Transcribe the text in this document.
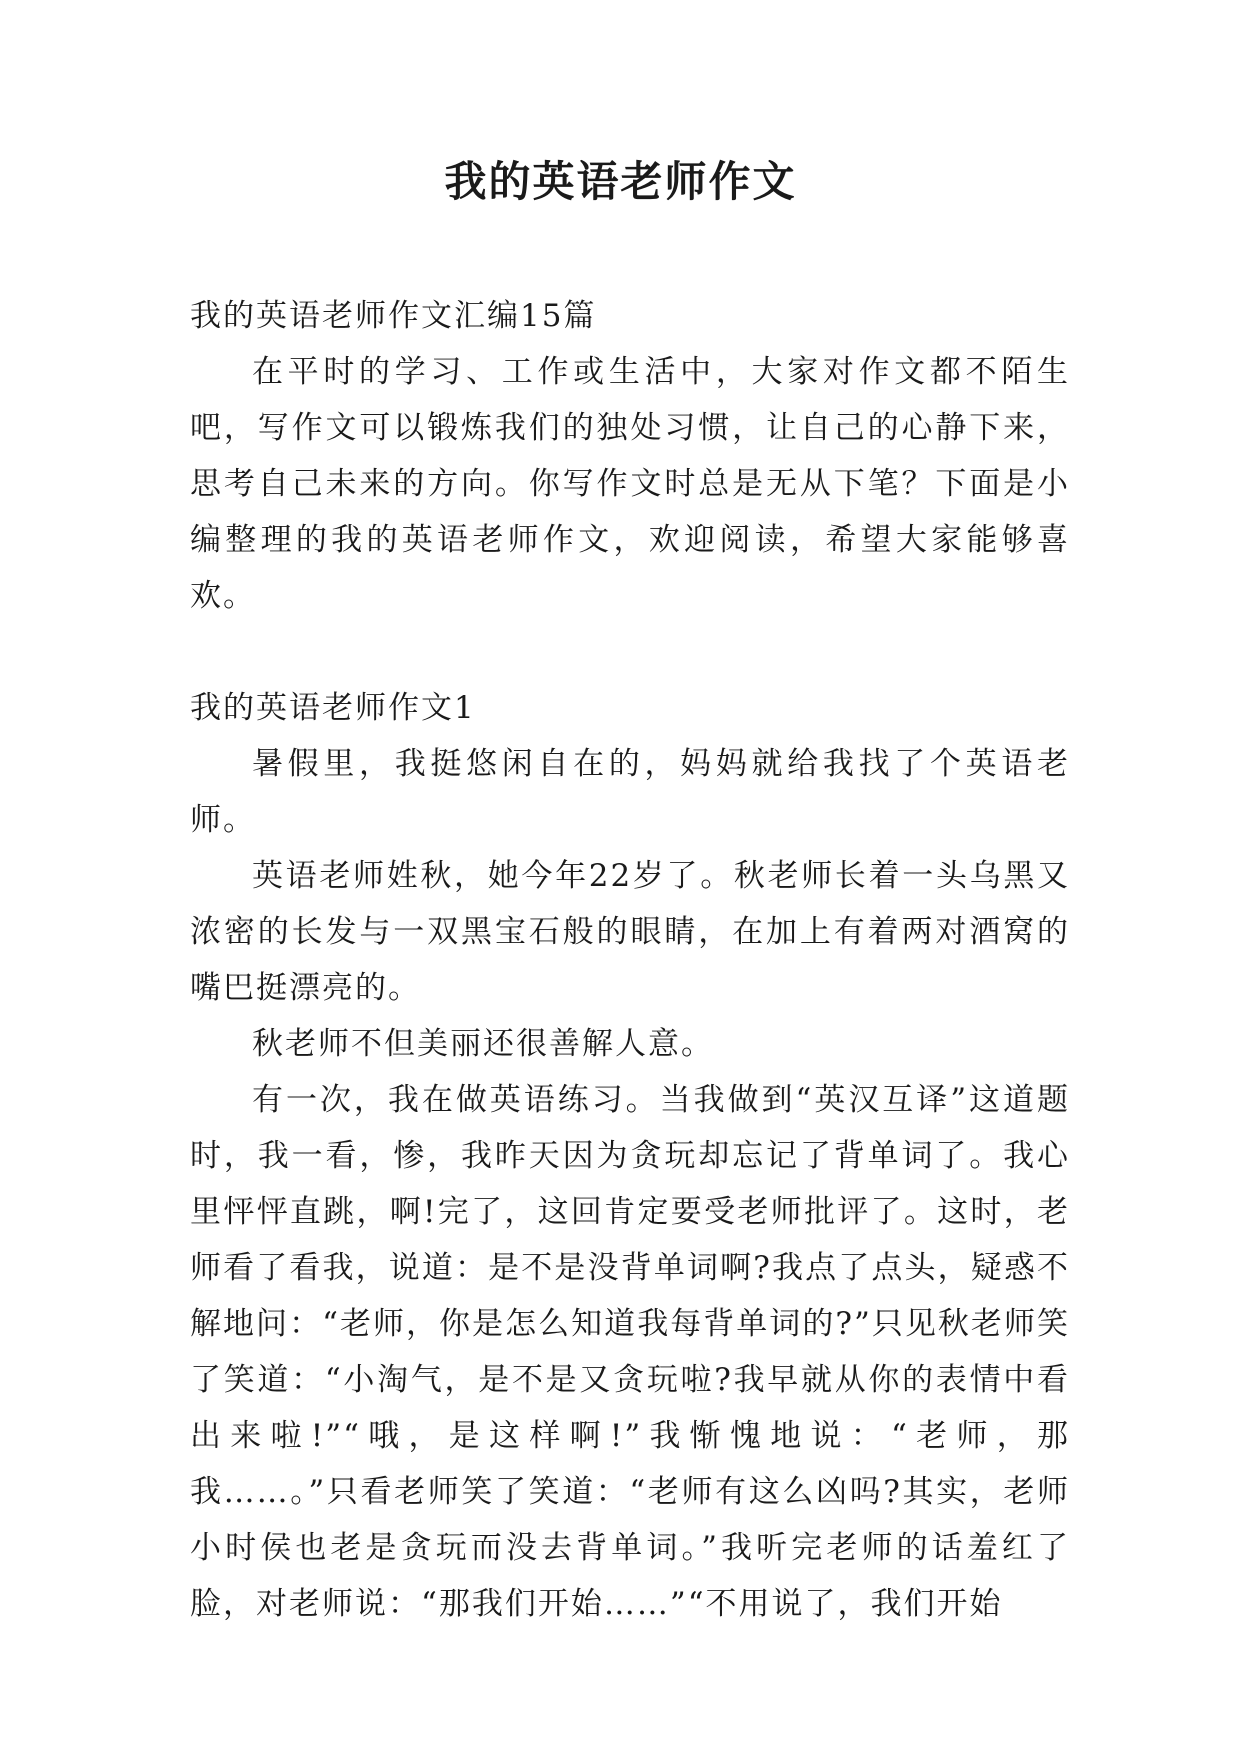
我的英语老师作文

我的英语老师作文汇编15篇

在平时的学习、工作或生活中，大家对作文都不陌生吧，写作文可以锻炼我们的独处习惯，让自己的心静下来，思考自己未来的方向。你写作文时总是无从下笔？下面是小编整理的我的英语老师作文，欢迎阅读，希望大家能够喜欢。

我的英语老师作文1

暑假里，我挺悠闲自在的，妈妈就给我找了个英语老师。

英语老师姓秋，她今年22岁了。秋老师长着一头乌黑又浓密的长发与一双黑宝石般的眼睛，在加上有着两对酒窝的嘴巴挺漂亮的。

秋老师不但美丽还很善解人意。

有一次，我在做英语练习。当我做到“英汉互译”这道题时，我一看，惨，我昨天因为贪玩却忘记了背单词了。我心里怦怦直跳，啊!完了，这回肯定要受老师批评了。这时，老师看了看我，说道：是不是没背单词啊?我点了点头，疑惑不解地问：“老师，你是怎么知道我每背单词的?”只见秋老师笑了笑道：“小淘气，是不是又贪玩啦?我早就从你的表情中看出来啦!”“哦，是这样啊!”我惭愧地说：“老师，那我……。”只看老师笑了笑道：“老师有这么凶吗?其实，老师小时侯也老是贪玩而没去背单词。”我听完老师的话羞红了脸，对老师说：“那我们开始……”“不用说了，我们开始
